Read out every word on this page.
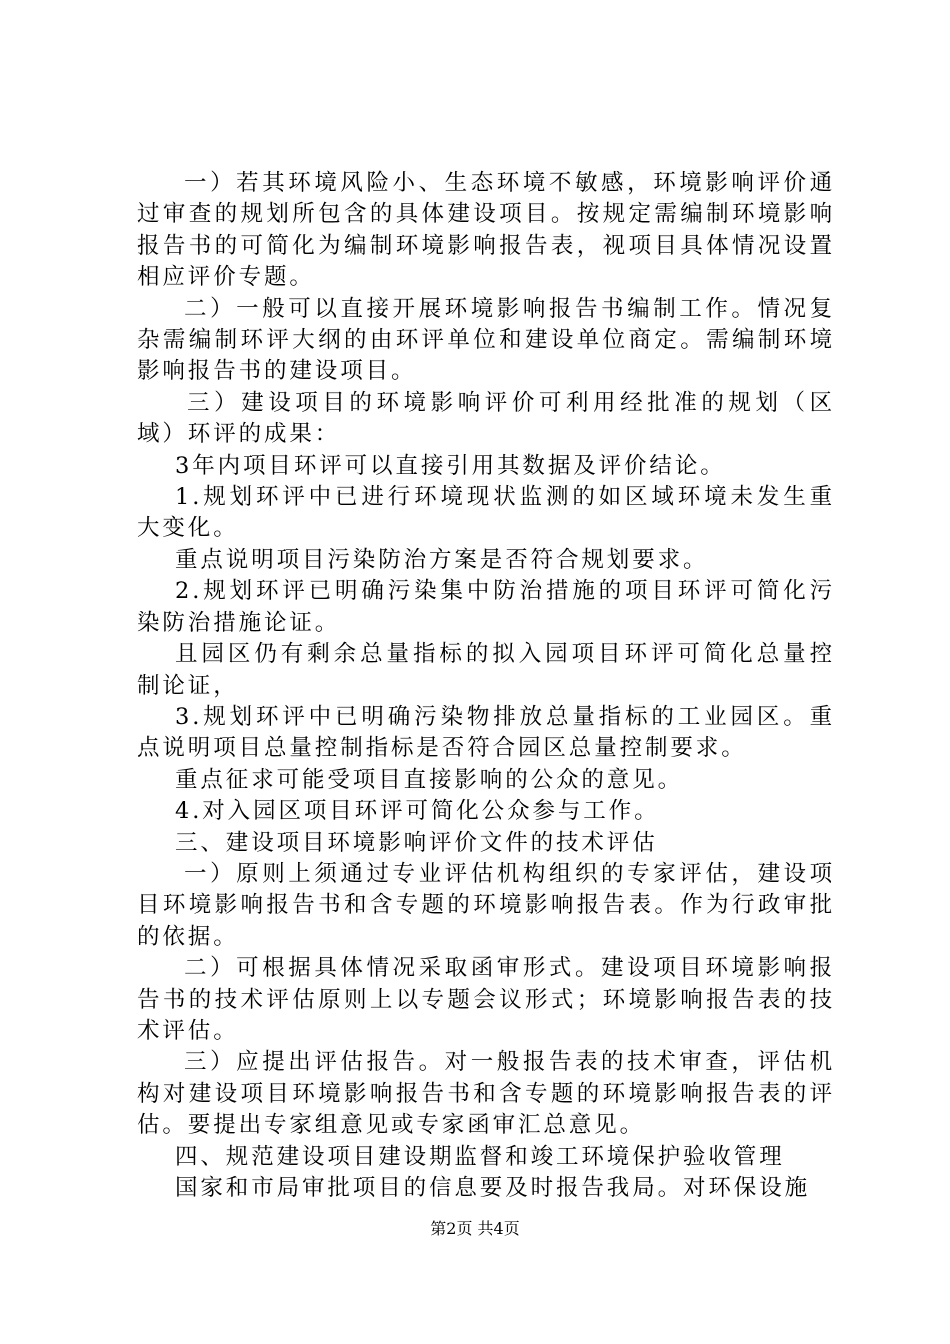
一）若其环境风险小、生态环境不敏感，环境影响评价通过审查的规划所包含的具体建设项目。按规定需编制环境影响报告书的可简化为编制环境影响报告表，视项目具体情况设置相应评价专题。

二）一般可以直接开展环境影响报告书编制工作。情况复杂需编制环评大纲的由环评单位和建设单位商定。需编制环境影响报告书的建设项目。

三）建设项目的环境影响评价可利用经批准的规划（区域）环评的成果：

3年内项目环评可以直接引用其数据及评价结论。

1.规划环评中已进行环境现状监测的如区域环境未发生重大变化。

重点说明项目污染防治方案是否符合规划要求。

2.规划环评已明确污染集中防治措施的项目环评可简化污染防治措施论证。

且园区仍有剩余总量指标的拟入园项目环评可简化总量控制论证，

3.规划环评中已明确污染物排放总量指标的工业园区。重点说明项目总量控制指标是否符合园区总量控制要求。

重点征求可能受项目直接影响的公众的意见。

4.对入园区项目环评可简化公众参与工作。

三、建设项目环境影响评价文件的技术评估

一）原则上须通过专业评估机构组织的专家评估，建设项目环境影响报告书和含专题的环境影响报告表。作为行政审批的依据。

二）可根据具体情况采取函审形式。建设项目环境影响报告书的技术评估原则上以专题会议形式；环境影响报告表的技术评估。

三）应提出评估报告。对一般报告表的技术审查，评估机构对建设项目环境影响报告书和含专题的环境影响报告表的评估。要提出专家组意见或专家函审汇总意见。

四、规范建设项目建设期监督和竣工环境保护验收管理

国家和市局审批项目的信息要及时报告我局。对环保设施

第2页 共4页
